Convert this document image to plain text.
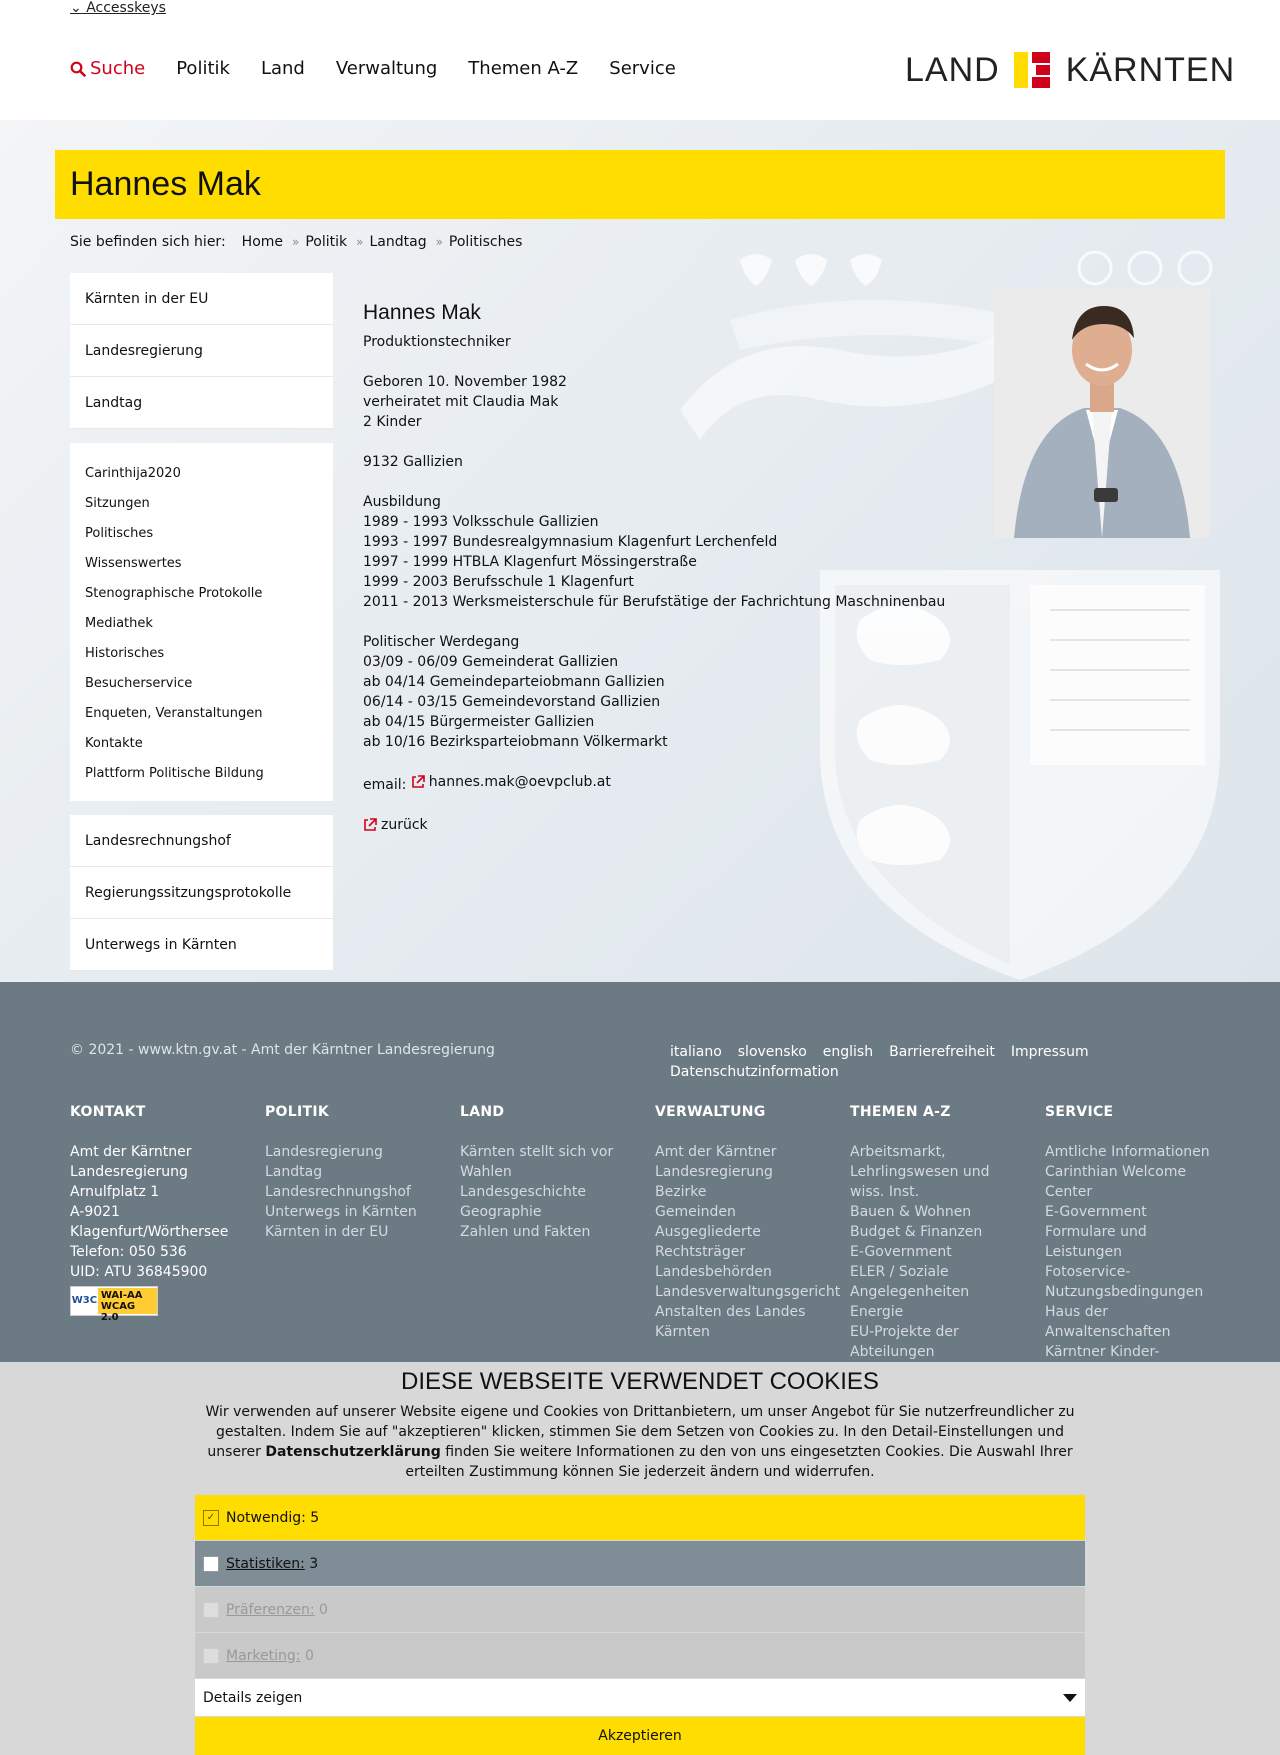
⌄ Accesskeys
Suche Politik Land Verwaltung Themen A-Z Service	LAND KÄRNTEN
Hannes Mak
Sie befinden sich hier: Home » Politik » Landtag » Politisches
Kärnten in der EU
Landesregierung
Landtag
Carinthija2020
Sitzungen
Politisches
Wissenswertes
Stenographische Protokolle
Mediathek
Historisches
Besucherservice
Enqueten, Veranstaltungen
Kontakte
Plattform Politische Bildung
Landesrechnungshof
Regierungssitzungsprotokolle
Unterwegs in Kärnten
Hannes Mak

Produktionstechniker

Geboren 10. November 1982

verheiratet mit Claudia Mak

2 Kinder

9132 Gallizien

Ausbildung

1989 - 1993 Volksschule Gallizien

1993 - 1997 Bundesrealgymnasium Klagenfurt Lerchenfeld

1997 - 1999 HTBLA Klagenfurt Mössingerstraße

1999 - 2003 Berufsschule 1 Klagenfurt

2011 - 2013 Werksmeisterschule für Berufstätige der Fachrichtung Maschninenbau

Politischer Werdegang

03/09 - 06/09 Gemeinderat Gallizien

ab 04/14 Gemeindeparteiobmann Gallizien

06/14 - 03/15 Gemeindevorstand Gallizien

ab 04/15 Bürgermeister Gallizien

ab 10/16 Bezirksparteiobmann Völkermarkt

email: hannes.mak@oevpclub.at

zurück

© 2021 - www.ktn.gv.at - Amt der Kärntner Landesregierung	italiano slovensko english Barrierefreiheit Impressum
Datenschutzinformation
KONTAKT
Amt der Kärntner
Landesregierung
Arnulfplatz 1
A-9021
Klagenfurt/Wörthersee
Telefon: 050 536
UID: ATU 36845900
W3C WAI-AA
WCAG 2.0
POLITIK
Landesregierung
Landtag
Landesrechnungshof
Unterwegs in Kärnten
Kärnten in der EU
LAND
Kärnten stellt sich vor
Wahlen
Landesgeschichte
Geographie
Zahlen und Fakten
VERWALTUNG
Amt der Kärntner
Landesregierung
Bezirke
Gemeinden
Ausgegliederte
Rechtsträger
Landesbehörden
Landesverwaltungsgericht
Anstalten des Landes
Kärnten
THEMEN A-Z
Arbeitsmarkt,
Lehrlingswesen und
wiss. Inst.
Bauen & Wohnen
Budget & Finanzen
E-Government
ELER / Soziale
Angelegenheiten
Energie
EU-Projekte der
Abteilungen
SERVICE
Amtliche Informationen
Carinthian Welcome
Center
E-Government
Formulare und
Leistungen
Fotoservice-
Nutzungsbedingungen
Haus der
Anwaltenschaften
Kärntner Kinder-
DIESE WEBSEITE VERWENDET COOKIES
Wir verwenden auf unserer Website eigene und Cookies von Drittanbietern, um unser Angebot für Sie nutzerfreundlicher zu gestalten. Indem Sie auf "akzeptieren" klicken, stimmen Sie dem Setzen von Cookies zu. In den Detail-Einstellungen und unserer Datenschutzerklärung finden Sie weitere Informationen zu den von uns eingesetzten Cookies. Die Auswahl Ihrer erteilten Zustimmung können Sie jederzeit ändern und widerrufen.
✓ Notwendig:
5
Statistiken:
3
Präferenzen:
0
Marketing:
0
Details zeigen
Akzeptieren
